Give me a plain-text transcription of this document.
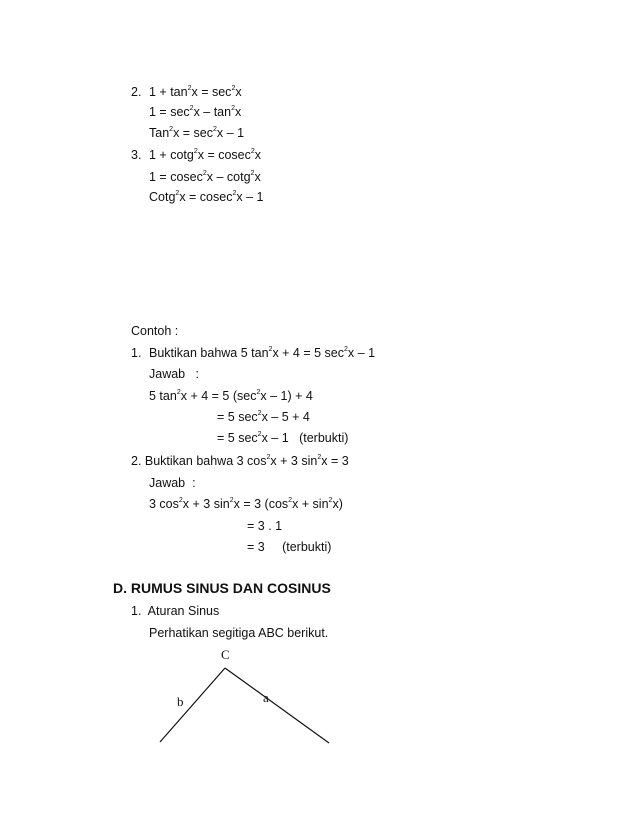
2. $1 + \tan^2x = \sec^2x$
$1 = \sec^2x - \tan^2x$
$Tan^2x = \sec^2x - 1$
3. 1 + cotg$^2$x = cosec$^2$x
1 = cosec$^2$x – cotg$^2$x
Cotg$^2$x = cosec$^2$x – 1
Contoh :
1. Buktikan bahwa 5 $\tan^2x + 4 = 5$ $\sec^2x - 1$
Jawab   :
5 $\tan^2x + 4 = 5$ $(\sec^2x - 1) + 4$
= 5 $\sec^2x - 5 + 4$
= 5 $\sec^2x - 1$   (terbukti)
2. Buktikan bahwa 3 $\cos^2x + 3$ $\sin^2x = 3$
Jawab  :
3 $\cos^2x + 3$ $\sin^2x = 3$ $(\cos^2x + \sin^2x)$
= 3 . 1
= 3     (terbukti)
D. RUMUS SINUS DAN COSINUS
1.  Aturan Sinus
Perhatikan segitiga ABC berikut.
C
b	a
